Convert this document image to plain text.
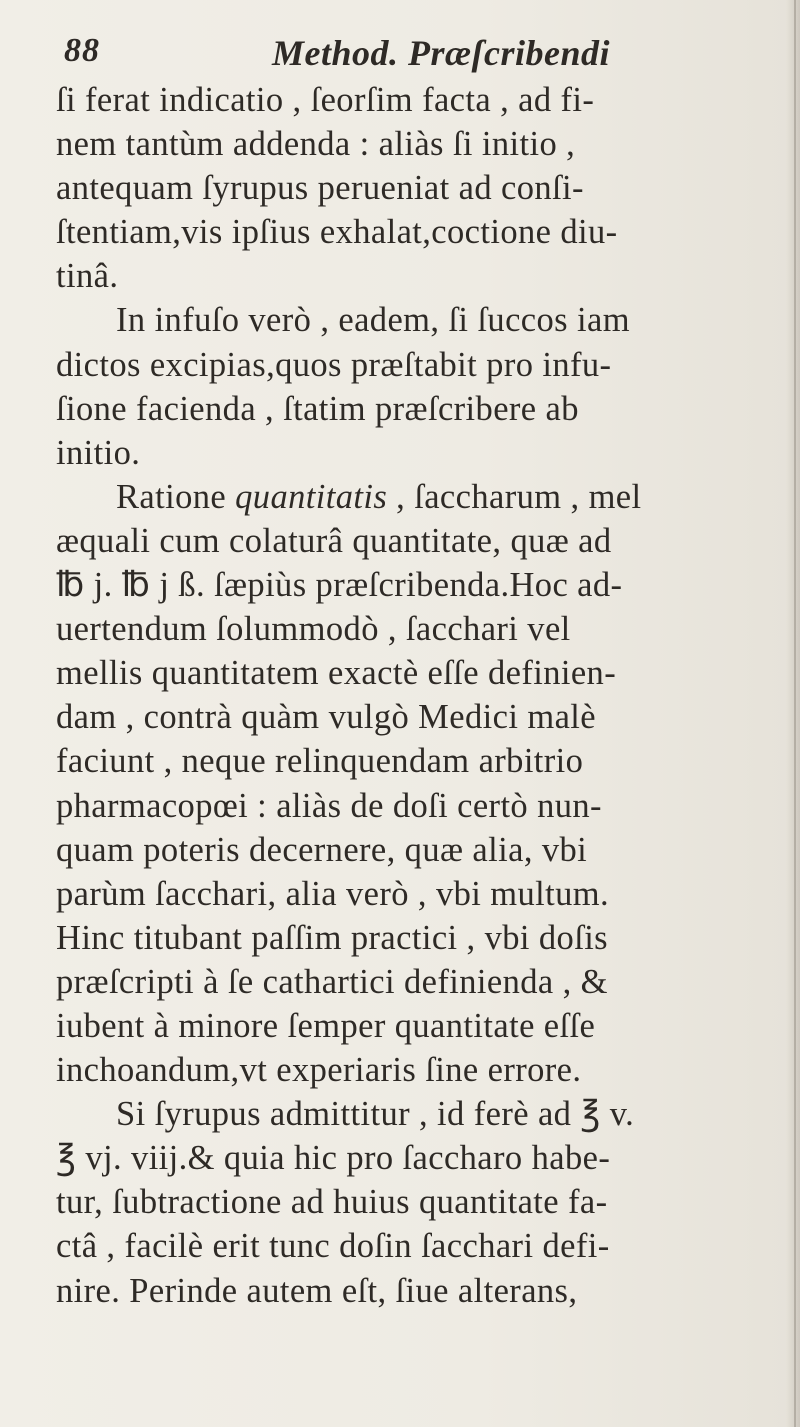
88	Method. Præſcribendi
ſi ferat indicatio , ſeorſim facta , ad fi-
nem tantùm addenda : aliàs ſi initio ,
antequam ſyrupus perueniat ad conſi-
ſtentiam,vis ipſius exhalat,coctione diu-
tinâ.
In infuſo verò , eadem, ſi ſuccos iam
dictos excipias,quos præſtabit pro infu-
ſione facienda , ſtatim præſcribere ab
initio.
Ratione quantitatis , ſaccharum , mel
æquali cum colaturâ quantitate, quæ ad
℔ j. ℔ j ß. ſæpiùs præſcribenda.Hoc ad-
uertendum ſolummodò , ſacchari vel
mellis quantitatem exactè eſſe definien-
dam , contrà quàm vulgò Medici malè
faciunt , neque relinquendam arbitrio
pharmacopœi : aliàs de doſi certò nun-
quam poteris decernere, quæ alia, vbi
parùm ſacchari, alia verò , vbi multum.
Hinc titubant paſſim practici , vbi doſis
præſcripti à ſe cathartici definienda , &
iubent à minore ſemper quantitate eſſe
inchoandum,vt experiaris ſine errore.
Si ſyrupus admittitur , id ferè ad ℥ v.
℥ vj. viij.& quia hic pro ſaccharo habe-
tur, ſubtractione ad huius quantitate fa-
ctâ , facilè erit tunc doſin ſacchari defi-
nire. Perinde autem eſt, ſiue alterans,
